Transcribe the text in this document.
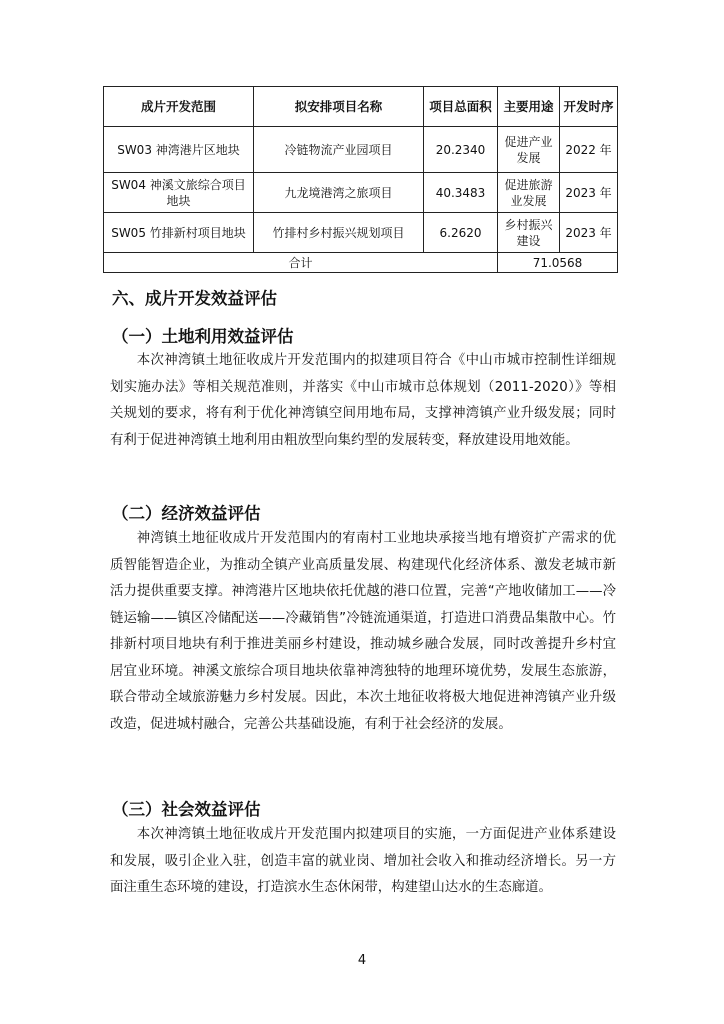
成片开发范围	拟安排项目名称	项目总面积	主要用途	开发时序
SW03 神湾港片区地块	冷链物流产业园项目	20.2340	促进产业发展	2022 年
SW04 神溪文旅综合项目地块	九龙境港湾之旅项目	40.3483	促进旅游业发展	2023 年
SW05 竹排新村项目地块	竹排村乡村振兴规划项目	6.2620	乡村振兴建设	2023 年
合计			71.0568	
六、成片开发效益评估
（一）土地利用效益评估
本次神湾镇土地征收成片开发范围内的拟建项目符合《中山市城市控制性详细规划实施办法》等相关规范准则，并落实《中山市城市总体规划（2011-2020）》等相关规划的要求，将有利于优化神湾镇空间用地布局，支撑神湾镇产业升级发展；同时有利于促进神湾镇土地利用由粗放型向集约型的发展转变，释放建设用地效能。
（二）经济效益评估
神湾镇土地征收成片开发范围内的宥南村工业地块承接当地有增资扩产需求的优质智能智造企业，为推动全镇产业高质量发展、构建现代化经济体系、激发老城市新活力提供重要支撑。神湾港片区地块依托优越的港口位置，完善“产地收储加工——冷链运输——镇区冷储配送——冷藏销售”冷链流通渠道，打造进口消费品集散中心。竹排新村项目地块有利于推进美丽乡村建设，推动城乡融合发展，同时改善提升乡村宜居宜业环境。神溪文旅综合项目地块依靠神湾独特的地理环境优势，发展生态旅游，联合带动全域旅游魅力乡村发展。因此，本次土地征收将极大地促进神湾镇产业升级改造，促进城村融合，完善公共基础设施，有利于社会经济的发展。
（三）社会效益评估
本次神湾镇土地征收成片开发范围内拟建项目的实施，一方面促进产业体系建设和发展，吸引企业入驻，创造丰富的就业岗、增加社会收入和推动经济增长。另一方面注重生态环境的建设，打造滨水生态休闲带，构建望山达水的生态廊道。
4
